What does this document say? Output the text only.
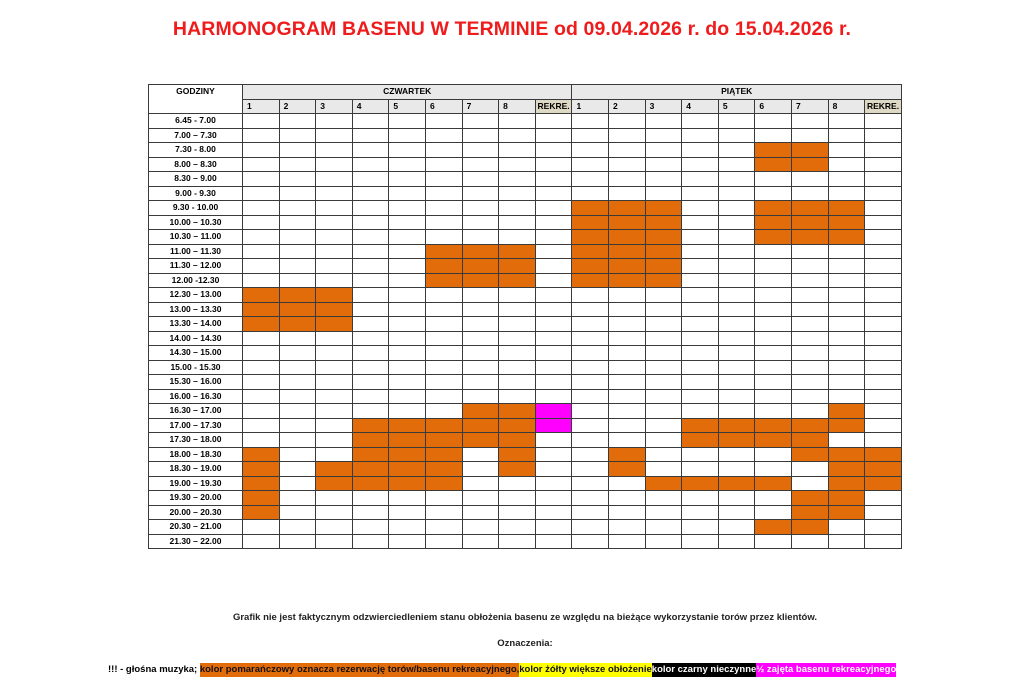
HARMONOGRAM BASENU W TERMINIE od 09.04.2026 r. do 15.04.2026 r.
GODZINY	CZWARTEK									PIĄTEK								
	1	2	3	4	5	6	7	8	REKRE.	1	2	3	4	5	6	7	8	REKRE.
6.45 - 7.00																		
7.00 – 7.30																		
7.30 - 8.00																		
8.00 – 8.30																		
8.30 – 9.00																		
9.00 - 9.30																		
9.30 - 10.00																		
10.00 – 10.30																		
10.30 – 11.00																		
11.00 – 11.30																		
11.30 – 12.00																		
12.00 -12.30																		
12.30 – 13.00																		
13.00 – 13.30																		
13.30 – 14.00																		
14.00 – 14.30																		
14.30 – 15.00																		
15.00 - 15.30																		
15.30 – 16.00																		
16.00 – 16.30																		
16.30 – 17.00																		
17.00 – 17.30																		
17.30 – 18.00																		
18.00 – 18.30																		
18.30 – 19.00																		
19.00 – 19.30																		
19.30 – 20.00																		
20.00 – 20.30																		
20.30 – 21.00																		
21.30 – 22.00																		
Grafik nie jest faktycznym odzwierciedleniem stanu obłożenia basenu ze względu na bieżące wykorzystanie torów przez klientów.
Oznaczenia:
!!! - głośna muzyka;
kolor pomarańczowy oznacza rezerwację torów/basenu rekreacyjnego, kolor żółty większe obłożenie kolor czarny nieczynne ½ zajęta basenu rekreacyjnego
